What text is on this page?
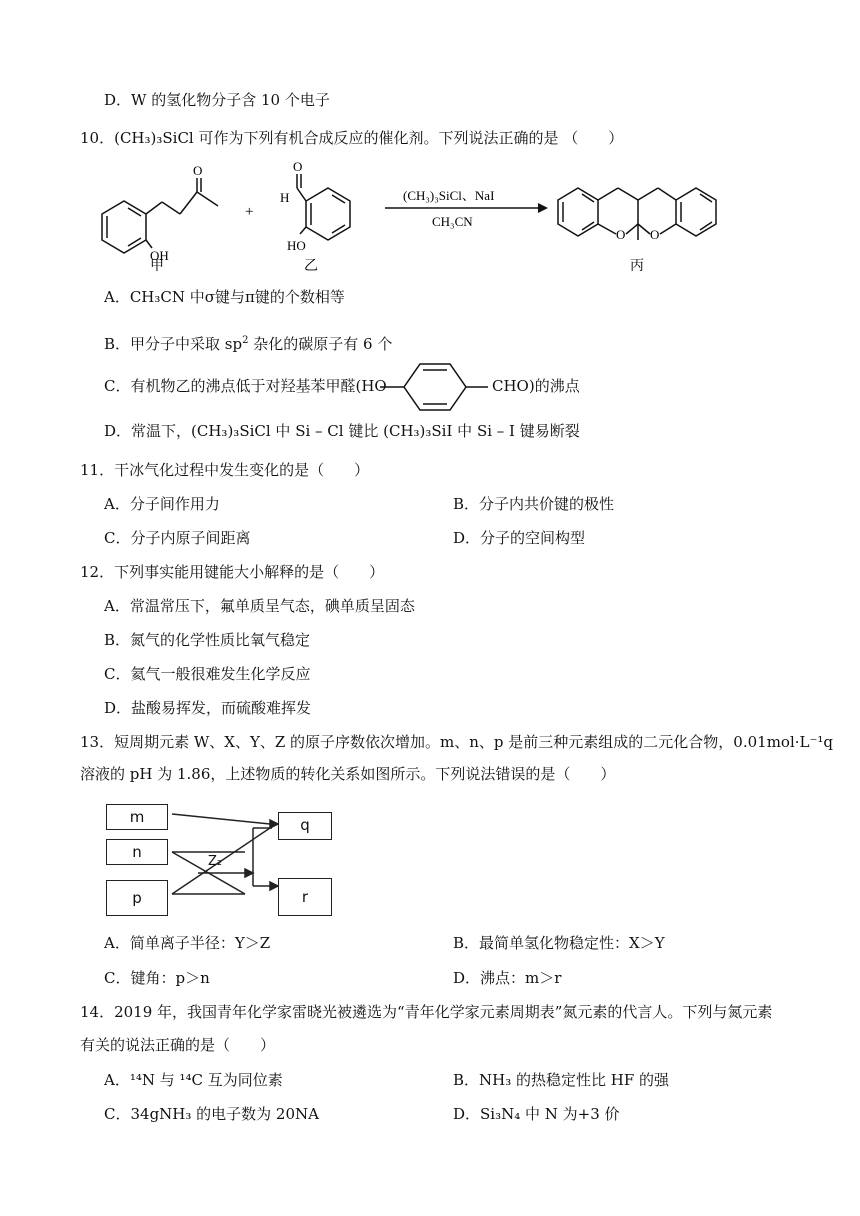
D．W 的氢化物分子含 10 个电子
10．(CH₃)₃SiCl 可作为下列有机合成反应的催化剂。下列说法正确的是 （　　）
O
OH
甲
+
O
H
HO
乙
(CH₃)₃SiCl、NaI
CH₃CN
O O
丙
A．CH₃CN 中σ键与π键的个数相等
B．甲分子中采取 $sp^2$ 杂化的碳原子有 6 个
C．有机物乙的沸点低于对羟基苯甲醛(HO	CHO)的沸点
D．常温下，(CH₃)₃SiCl 中 Si – Cl 键比 (CH₃)₃SiI 中 Si – I 键易断裂
11．干冰气化过程中发生变化的是（　　）
A．分子间作用力	B．分子内共价键的极性
C．分子内原子间距离	D．分子的空间构型
12．下列事实能用键能大小解释的是（　　）
A．常温常压下，氟单质呈气态，碘单质呈固态
B．氮气的化学性质比氧气稳定
C．氦气一般很难发生化学反应
D．盐酸易挥发，而硫酸难挥发
13．短周期元素 W、X、Y、Z 的原子序数依次增加。m、n、p 是前三种元素组成的二元化合物，0.01mol·L⁻¹q
溶液的 pH 为 1.86，上述物质的转化关系如图所示。下列说法错误的是（　　）
m
n
p
q
r
Z₂
A．简单离子半径：Y＞Z	B．最简单氢化物稳定性：X＞Y
C．键角：p＞n	D．沸点：m＞r
14．2019 年，我国青年化学家雷晓光被遴选为“青年化学家元素周期表”氮元素的代言人。下列与氮元素
有关的说法正确的是（　　）
A．¹⁴N 与 ¹⁴C 互为同位素	B．NH₃ 的热稳定性比 HF 的强
C．34gNH₃ 的电子数为 20NA	D．Si₃N₄ 中 N 为+3 价
